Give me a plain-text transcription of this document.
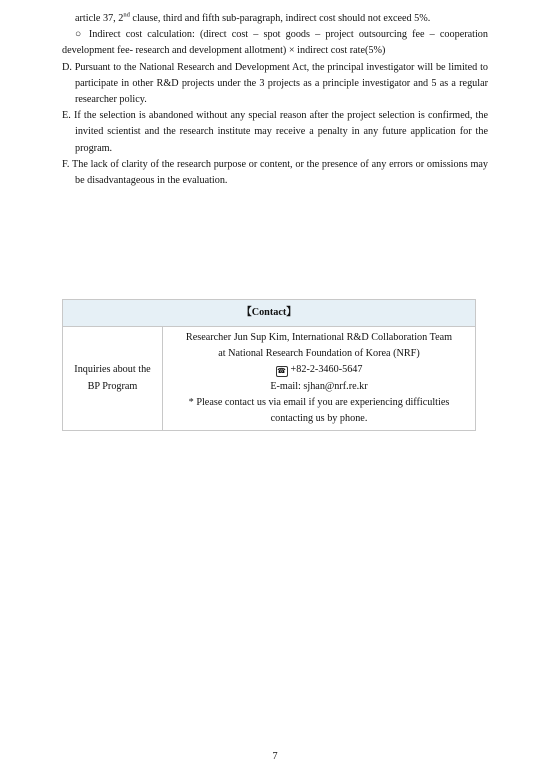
article 37, 2nd clause, third and fifth sub-paragraph, indirect cost should not exceed 5%.

○ Indirect cost calculation: (direct cost – spot goods – project outsourcing fee – cooperation development fee- research and development allotment) × indirect cost rate(5%)

D. Pursuant to the National Research and Development Act, the principal investigator will be limited to participate in other R&D projects under the 3 projects as a principle investigator and 5 as a regular researcher policy.

E. If the selection is abandoned without any special reason after the project selection is confirmed, the invited scientist and the research institute may receive a penalty in any future application for the program.

F. The lack of clarity of the research purpose or content, or the presence of any errors or omissions may be disadvantageous in the evaluation.

【Contact】

Inquiries about the
BP Program

Researcher Jun Sup Kim, International R&D Collaboration Team
at National Research Foundation of Korea (NRF)
☎ +82-2-3460-5647
E-mail: sjhan@nrf.re.kr
* Please contact us via email if you are experiencing difficulties contacting us by phone.
7
